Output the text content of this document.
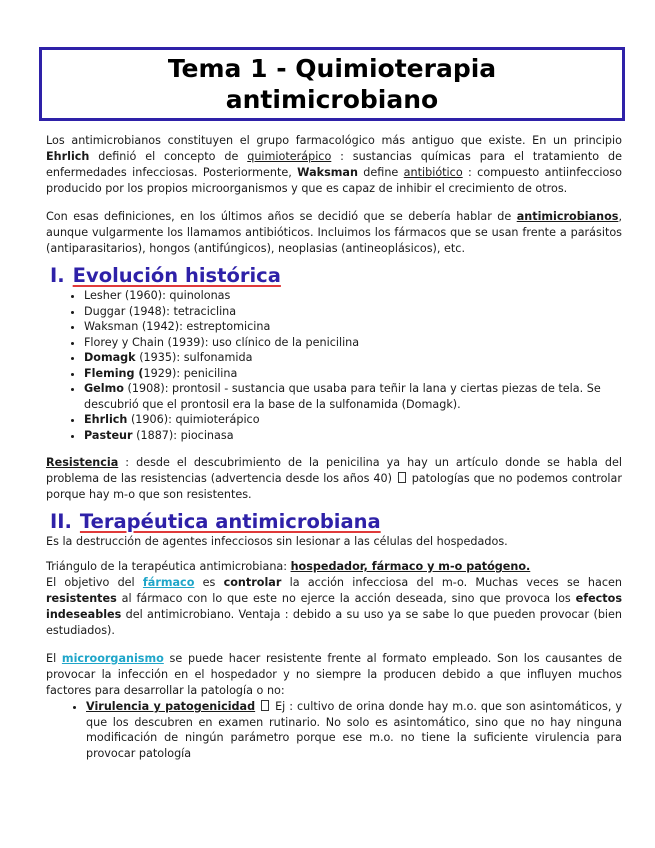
Tema 1 - Quimioterapia
antimicrobiano

Los antimicrobianos constituyen el grupo farmacológico más antiguo que existe. En un principio Ehrlich definió el concepto de quimioterápico : sustancias químicas para el tratamiento de enfermedades infecciosas. Posteriormente, Waksman define antibiótico : compuesto antiinfeccioso producido por los propios microorganismos y que es capaz de inhibir el crecimiento de otros.

Con esas definiciones, en los últimos años se decidió que se debería hablar de antimicrobianos, aunque vulgarmente los llamamos antibióticos. Incluimos los fármacos que se usan frente a parásitos (antiparasitarios), hongos (antifúngicos), neoplasias (antineoplásicos), etc.

I. Evolución histórica
• Lesher (1960): quinolonas
• Duggar (1948): tetraciclina
• Waksman (1942): estreptomicina
• Florey y Chain (1939): uso clínico de la penicilina
• Domagk (1935): sulfonamida
• Fleming (1929): penicilina
• Gelmo (1908): prontosil - sustancia que usaba para teñir la lana y ciertas piezas de tela. Se descubrió que el prontosil era la base de la sulfonamida (Domagk).
• Ehrlich (1906): quimioterápico
• Pasteur (1887): piocinasa

Resistencia : desde el descubrimiento de la penicilina ya hay un artículo donde se habla del problema de las resistencias (advertencia desde los años 40)  patologías que no podemos controlar porque hay m-o que son resistentes.

II. Terapéutica antimicrobiana

Es la destrucción de agentes infecciosos sin lesionar a las células del hospedados.

Triángulo de la terapéutica antimicrobiana: hospedador, fármaco y m-o patógeno.

El objetivo del fármaco es controlar la acción infecciosa del m-o. Muchas veces se hacen resistentes al fármaco con lo que este no ejerce la acción deseada, sino que provoca los efectos indeseables del antimicrobiano. Ventaja : debido a su uso ya se sabe lo que pueden provocar (bien estudiados).

El microorganismo se puede hacer resistente frente al formato empleado. Son los causantes de provocar la infección en el hospedador y no siempre la producen debido a que influyen muchos factores para desarrollar la patología o no:

• Virulencia y patogenicidad  Ej : cultivo de orina donde hay m.o. que son asintomáticos, y que los descubren en examen rutinario. No solo es asintomático, sino que no hay ninguna modificación de ningún parámetro porque ese m.o. no tiene la suficiente virulencia para provocar patología
